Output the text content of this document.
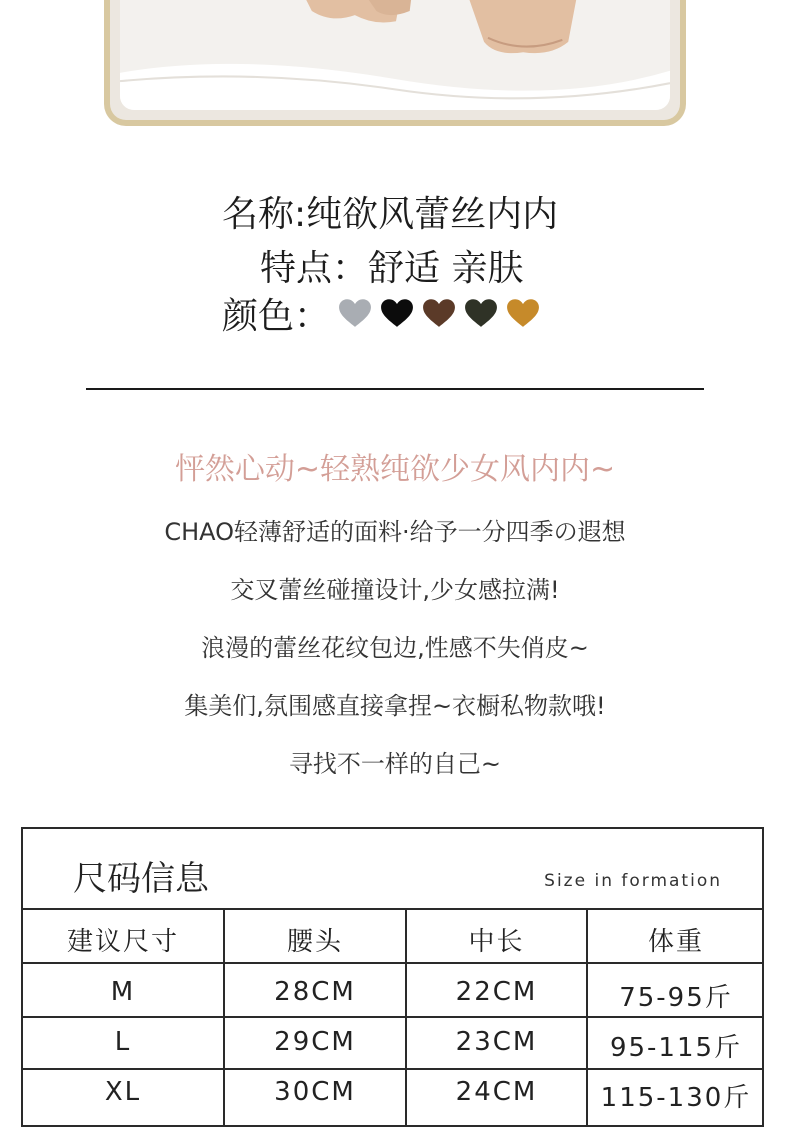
名称:纯欲风蕾丝内内
特点：舒适 亲肤
颜色：
怦然心动~轻熟纯欲少女风内内~
CHAO轻薄舒适的面料·给予一分四季の遐想
交叉蕾丝碰撞设计,少女感拉满!
浪漫的蕾丝花纹包边,性感不失俏皮~
集美们,氛围感直接拿捏~衣橱私物款哦!
寻找不一样的自己~
尺码信息	Size in formation
建议尺寸	腰头	中长	体重
M	28CM	22CM	75-95斤
L	29CM	23CM	95-115斤
XL	30CM	24CM	115-130斤
